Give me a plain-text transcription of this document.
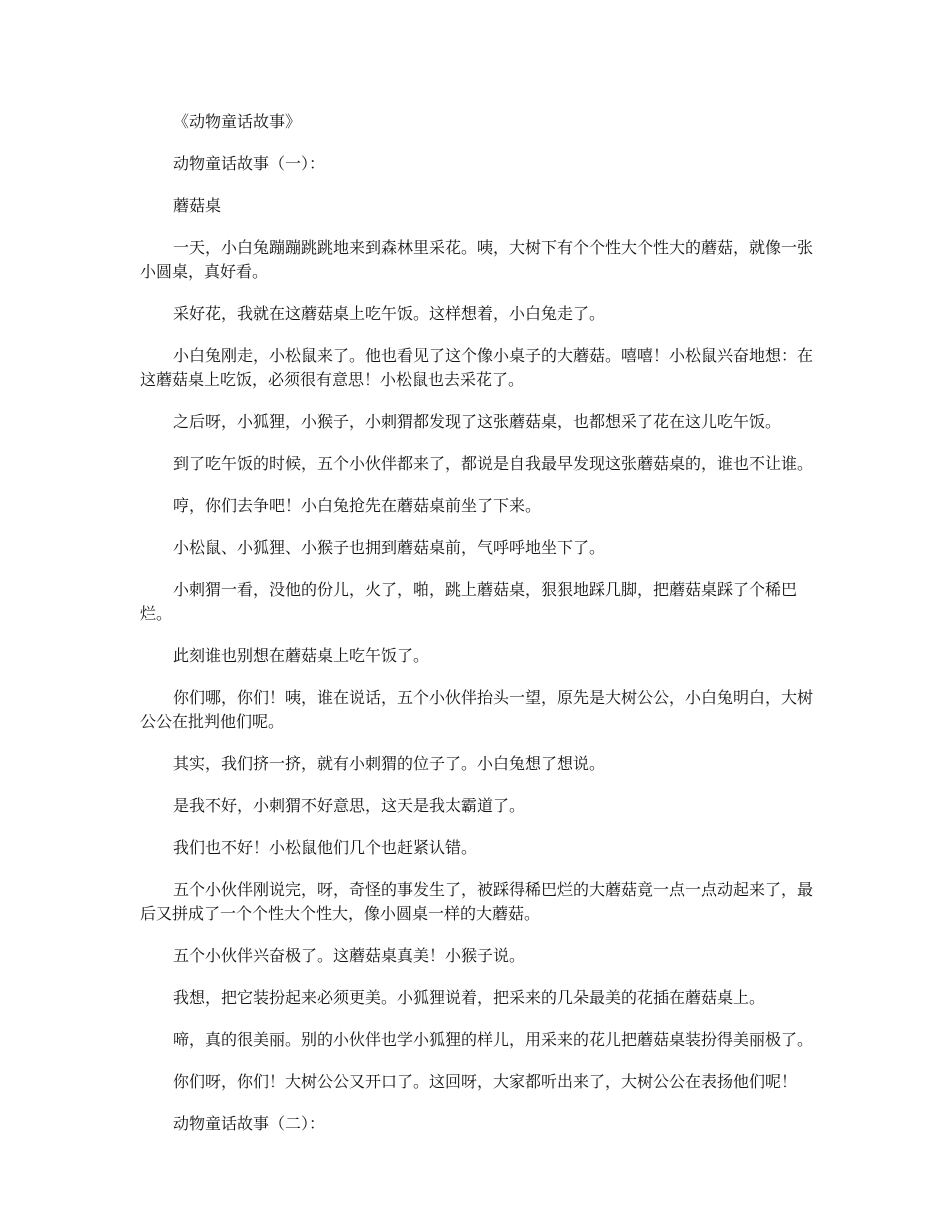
《动物童话故事》

动物童话故事（一）：

蘑菇桌

一天，小白兔蹦蹦跳跳地来到森林里采花。咦，大树下有个个性大个性大的蘑菇，就像一张小圆桌，真好看。

采好花，我就在这蘑菇桌上吃午饭。这样想着，小白兔走了。

小白兔刚走，小松鼠来了。他也看见了这个像小桌子的大蘑菇。嘻嘻！小松鼠兴奋地想：在这蘑菇桌上吃饭，必须很有意思！小松鼠也去采花了。

之后呀，小狐狸，小猴子，小刺猬都发现了这张蘑菇桌，也都想采了花在这儿吃午饭。

到了吃午饭的时候，五个小伙伴都来了，都说是自我最早发现这张蘑菇桌的，谁也不让谁。

哼，你们去争吧！小白兔抢先在蘑菇桌前坐了下来。

小松鼠、小狐狸、小猴子也拥到蘑菇桌前，气呼呼地坐下了。

小刺猬一看，没他的份儿，火了，啪，跳上蘑菇桌，狠狠地踩几脚，把蘑菇桌踩了个稀巴烂。

此刻谁也别想在蘑菇桌上吃午饭了。

你们哪，你们！咦，谁在说话，五个小伙伴抬头一望，原先是大树公公，小白兔明白，大树公公在批判他们呢。

其实，我们挤一挤，就有小刺猬的位子了。小白兔想了想说。

是我不好，小刺猬不好意思，这天是我太霸道了。

我们也不好！小松鼠他们几个也赶紧认错。

五个小伙伴刚说完，呀，奇怪的事发生了，被踩得稀巴烂的大蘑菇竟一点一点动起来了，最后又拼成了一个个性大个性大，像小圆桌一样的大蘑菇。

五个小伙伴兴奋极了。这蘑菇桌真美！小猴子说。

我想，把它装扮起来必须更美。小狐狸说着，把采来的几朵最美的花插在蘑菇桌上。

啼，真的很美丽。别的小伙伴也学小狐狸的样儿，用采来的花儿把蘑菇桌装扮得美丽极了。

你们呀，你们！大树公公又开口了。这回呀，大家都听出来了，大树公公在表扬他们呢！

动物童话故事（二）：
